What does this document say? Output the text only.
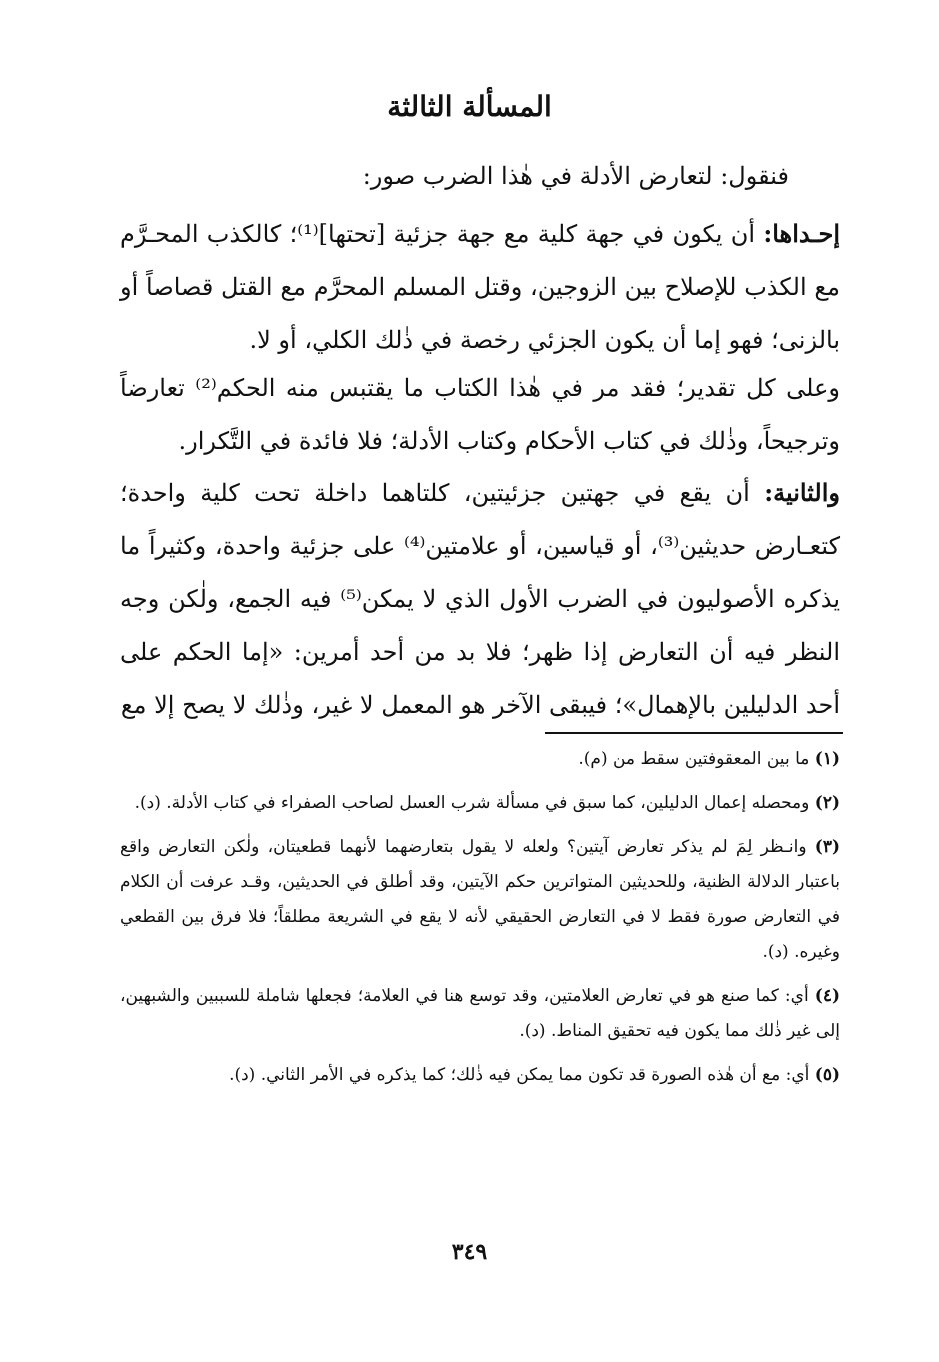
المسألة الثالثة
فنقول: لتعارض الأدلة في هٰذا الضرب صور:
إحـداها: أن يكون في جهة كلية مع جهة جزئية [تحتها]⁽¹⁾؛ كالكذب المحـرَّم مع الكذب للإصلاح بين الزوجين، وقتل المسلم المحرَّم مع القتل قصاصاً أو بالزنى؛ فهو إما أن يكون الجزئي رخصة في ذٰلك الكلي، أو لا.
وعلى كل تقدير؛ فقد مر في هٰذا الكتاب ما يقتبس منه الحكم⁽²⁾ تعارضاً وترجيحاً، وذٰلك في كتاب الأحكام وكتاب الأدلة؛ فلا فائدة في التَّكرار.
والثانية: أن يقع في جهتين جزئيتين، كلتاهما داخلة تحت كلية واحدة؛ كتعـارض حديثين⁽³⁾، أو قياسين، أو علامتين⁽⁴⁾ على جزئية واحدة، وكثيراً ما يذكره الأصوليون في الضرب الأول الذي لا يمكن⁽⁵⁾ فيه الجمع، ولٰكن وجه النظر فيه أن التعارض إذا ظهر؛ فلا بد من أحد أمرين: «إما الحكم على أحد الدليلين بالإهمال»؛ فيبقى الآخر هو المعمل لا غير، وذٰلك لا يصح إلا مع
(١) ما بين المعقوفتين سقط من (م).
(٢) ومحصله إعمال الدليلين، كما سبق في مسألة شرب العسل لصاحب الصفراء في كتاب الأدلة. (د).
(٣) وانـظر لِمَ لم يذكر تعارض آيتين؟ ولعله لا يقول بتعارضهما لأنهما قطعيتان، ولٰكن التعارض واقع باعتبار الدلالة الظنية، وللحديثين المتواترين حكم الآيتين، وقد أطلق في الحديثين، وقـد عرفت أن الكلام في التعارض صورة فقط لا في التعارض الحقيقي لأنه لا يقع في الشريعة مطلقاً؛ فلا فرق بين القطعي وغيره. (د).
(٤) أي: كما صنع هو في تعارض العلامتين، وقد توسع هنا في العلامة؛ فجعلها شاملة للسببين والشبهين، إلى غير ذٰلك مما يكون فيه تحقيق المناط. (د).
(٥) أي: مع أن هٰذه الصورة قد تكون مما يمكن فيه ذٰلك؛ كما يذكره في الأمر الثاني. (د).
٣٤٩
